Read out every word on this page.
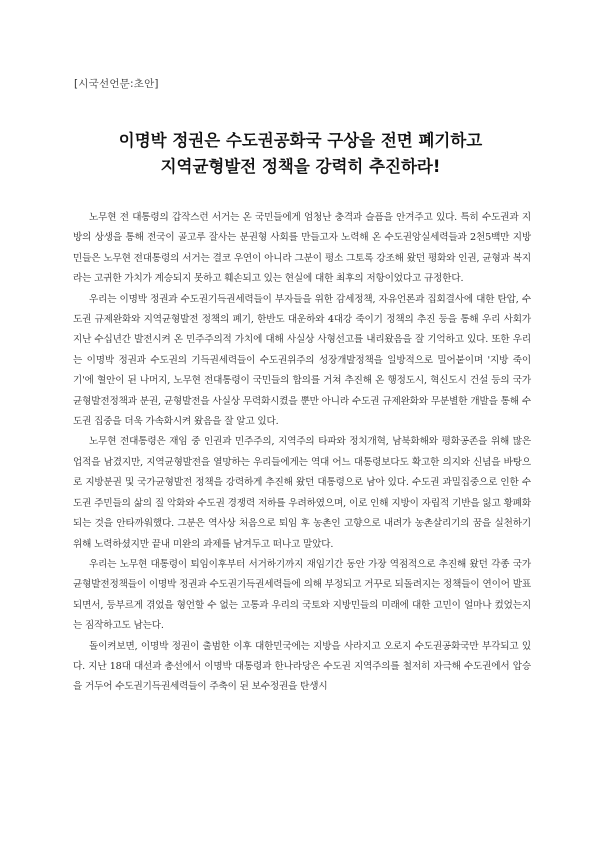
[시국선언문:초안]
이명박 정권은 수도권공화국 구상을 전면 폐기하고
지역균형발전 정책을 강력히 추진하라!

노무현 전 대통령의 갑작스런 서거는 온 국민들에게 엄청난 충격과 슬픔을 안겨주고 있다. 특히 수도권과 지방의 상생을 통해 전국이 골고루 잘사는 분권형 사회를 만들고자 노력해 온 수도권앙실세력들과 2천5백만 지방민들은 노무현 전대통령의 서거는 결코 우연이 아니라 그분이 평소 그토록 강조해 왔던 평화와 인권, 균형과 복지라는 고귀한 가치가 계승되지 못하고 훼손되고 있는 현실에 대한 최후의 저항이었다고 규정한다.

우리는 이명박 정권과 수도권기득권세력들이 부자들을 위한 감세정책, 자유언론과 집회결사에 대한 탄압, 수도권 규제완화와 지역균형발전 정책의 폐기, 한반도 대운하와 4대강 죽이기 정책의 추진 등을 통해 우리 사회가 지난 수십년간 발전시켜 온 민주주의적 가치에 대해 사실상 사형선고를 내리왔음을 잘 기억하고 있다. 또한 우리는 이명박 정권과 수도권의 기득권세력들이 수도권위주의 성장개발정책을 일방적으로 밀어붙이며 '지방 죽이기'에 혈안이 된 나머지, 노무현 전대통령이 국민들의 합의를 거쳐 추진해 온 행정도시, 혁신도시 건설 등의 국가균형발전정책과 분권, 균형발전을 사실상 무력화시켰을 뿐만 아니라 수도권 규제완화와 무분별한 개발을 통해 수도권 집중을 더욱 가속화시켜 왔음을 잘 알고 있다.

노무현 전대통령은 재임 중 인권과 민주주의, 지역주의 타파와 정치개혁, 남북화해와 평화공존을 위해 많은 업적을 남겼지만, 지역균형발전을 열망하는 우리들에게는 역대 어느 대통령보다도 확고한 의지와 신념을 바탕으로 지방분권 및 국가균형발전 정책을 강력하게 추진해 왔던 대통령으로 남아 있다. 수도권 과밀집중으로 인한 수도권 주민들의 삶의 질 악화와 수도권 경쟁력 저하를 우려하였으며, 이로 인해 지방이 자립적 기반을 잃고 황폐화되는 것을 안타까워했다. 그분은 역사상 처음으로 퇴임 후 농촌인 고향으로 내려가 농촌살리기의 꿈을 실천하기 위해 노력하셨지만 끝내 미완의 과제를 남겨두고 떠나고 말았다.

우리는 노무현 대통령이 퇴임이후부터 서거하기까지 재임기간 동안 가장 역점적으로 추진해 왔던 각종 국가균형발전정책들이 이명박 정권과 수도권기득권세력들에 의해 부정되고 거꾸로 되돌려지는 정책들이 연이어 발표되면서, 등부르게 겪었을 형언할 수 없는 고통과 우리의 국토와 지방민들의 미래에 대한 고민이 얼마나 컸었는지는 짐작하고도 남는다.

돌이켜보면, 이명박 정권이 출범한 이후 대한민국에는 지방을 사라지고 오로지 수도권공화국만 부각되고 있다. 지난 18대 대선과 총선에서 이명박 대통령과 한나라당은 수도권 지역주의를 철저히 자극해 수도권에서 압승을 거두어 수도권기득권세력들이 주축이 된 보수정권을 탄생시
